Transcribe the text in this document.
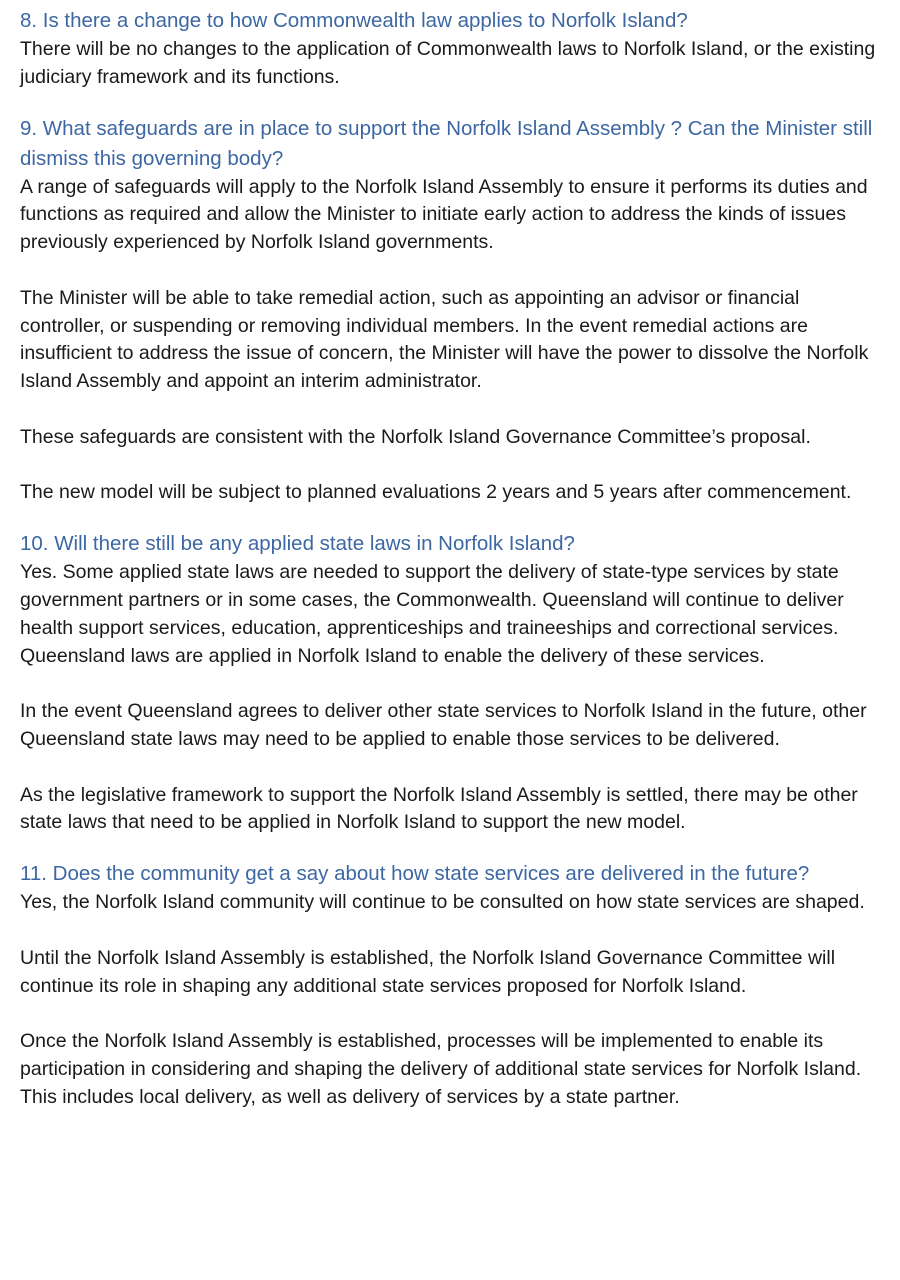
8. Is there a change to how Commonwealth law applies to Norfolk Island?

There will be no changes to the application of Commonwealth laws to Norfolk Island, or the existing judiciary framework and its functions.

9. What safeguards are in place to support the Norfolk Island Assembly ? Can the Minister still dismiss this governing body?

A range of safeguards will apply to the Norfolk Island Assembly to ensure it performs its duties and functions as required and allow the Minister to initiate early action to address the kinds of issues previously experienced by Norfolk Island governments.

The Minister will be able to take remedial action, such as appointing an advisor or financial controller, or suspending or removing individual members. In the event remedial actions are insufficient to address the issue of concern, the Minister will have the power to dissolve the Norfolk Island Assembly and appoint an interim administrator.

These safeguards are consistent with the Norfolk Island Governance Committee’s proposal.

The new model will be subject to planned evaluations 2 years and 5 years after commencement.

10. Will there still be any applied state laws in Norfolk Island?

Yes. Some applied state laws are needed to support the delivery of state-type services by state government partners or in some cases, the Commonwealth. Queensland will continue to deliver health support services, education, apprenticeships and traineeships and correctional services. Queensland laws are applied in Norfolk Island to enable the delivery of these services.

In the event Queensland agrees to deliver other state services to Norfolk Island in the future, other Queensland state laws may need to be applied to enable those services to be delivered.

As the legislative framework to support the Norfolk Island Assembly is settled, there may be other state laws that need to be applied in Norfolk Island to support the new model.

11. Does the community get a say about how state services are delivered in the future?

Yes, the Norfolk Island community will continue to be consulted on how state services are shaped.

Until the Norfolk Island Assembly is established, the Norfolk Island Governance Committee will continue its role in shaping any additional state services proposed for Norfolk Island.

Once the Norfolk Island Assembly is established, processes will be implemented to enable its participation in considering and shaping the delivery of additional state services for Norfolk Island. This includes local delivery, as well as delivery of services by a state partner.
